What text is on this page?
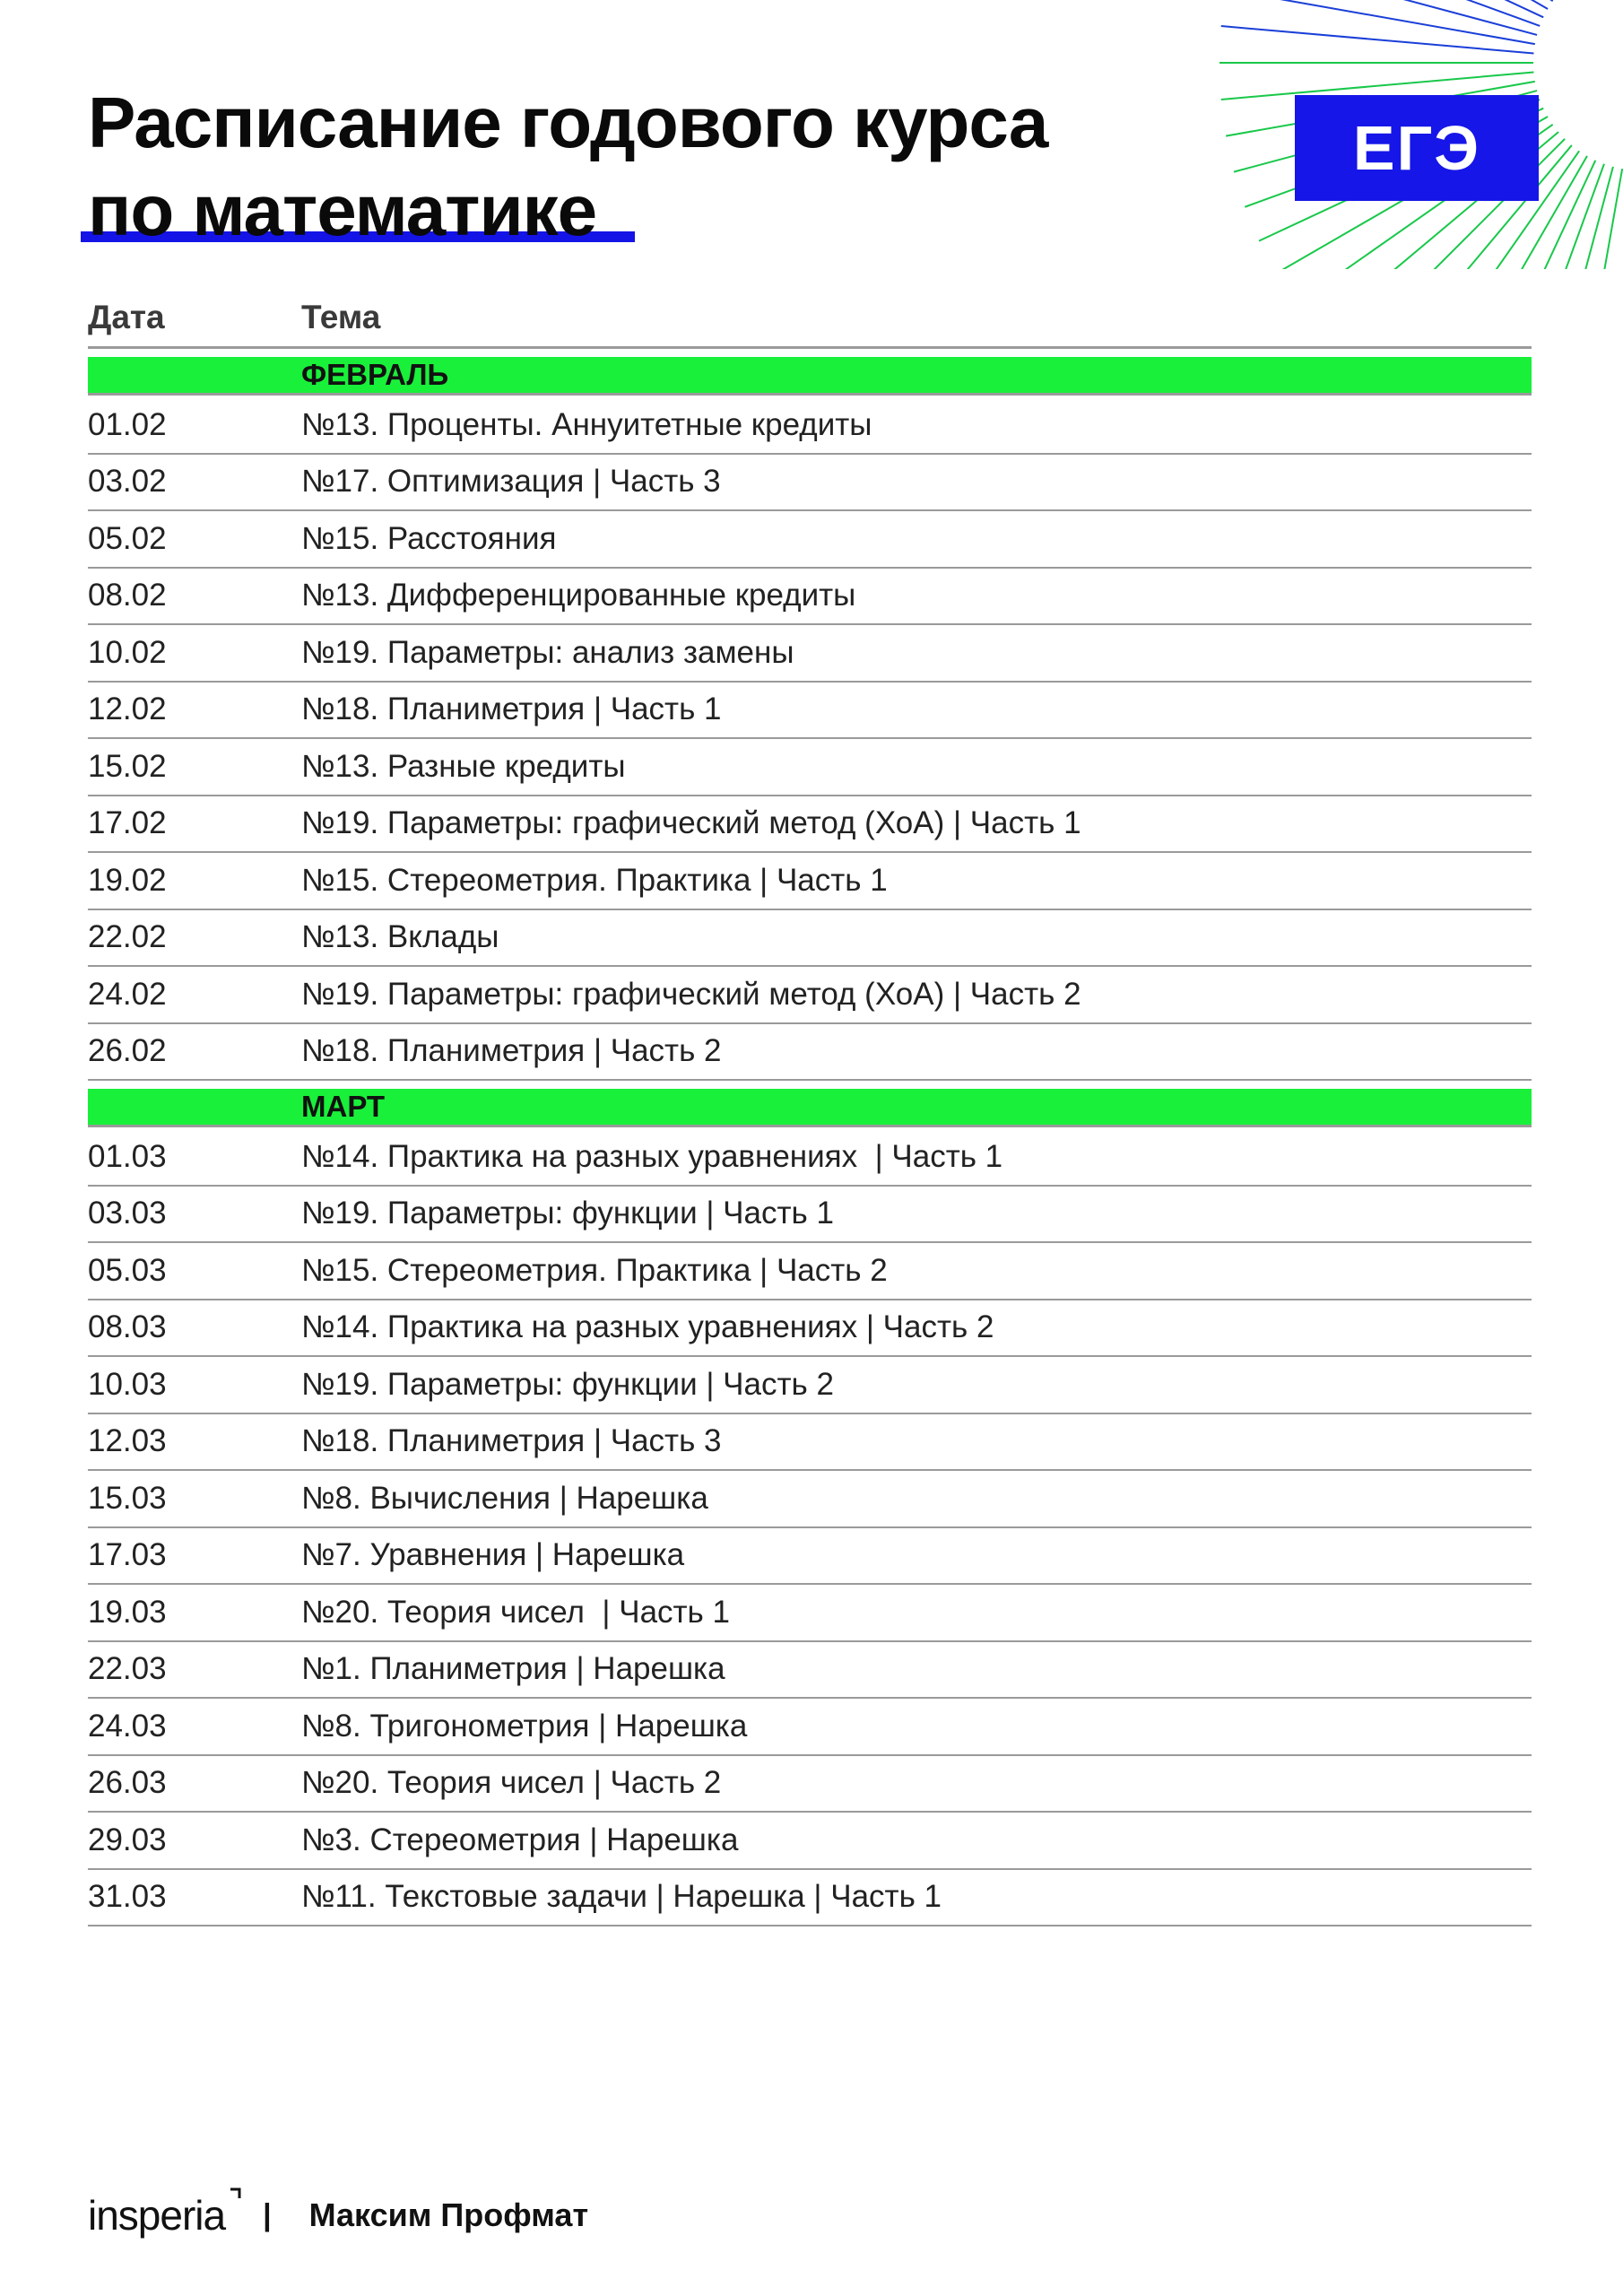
ЕГЭ
Расписание годового курса
по математике
Дата	Тема
ФЕВРАЛЬ
01.02	№13. Проценты. Аннуитетные кредиты
03.02	№17. Оптимизация | Часть 3
05.02	№15. Расстояния
08.02	№13. Дифференцированные кредиты
10.02	№19. Параметры: анализ замены
12.02	№18. Планиметрия | Часть 1
15.02	№13. Разные кредиты
17.02	№19. Параметры: графический метод (ХоА) | Часть 1
19.02	№15. Стереометрия. Практика | Часть 1
22.02	№13. Вклады
24.02	№19. Параметры: графический метод (ХоА) | Часть 2
26.02	№18. Планиметрия | Часть 2
МАРТ
01.03	№14. Практика на разных уравнениях  | Часть 1
03.03	№19. Параметры: функции | Часть 1
05.03	№15. Стереометрия. Практика | Часть 2
08.03	№14. Практика на разных уравнениях | Часть 2
10.03	№19. Параметры: функции | Часть 2
12.03	№18. Планиметрия | Часть 3
15.03	№8. Вычисления | Нарешка
17.03	№7. Уравнения | Нарешка
19.03	№20. Теория чисел  | Часть 1
22.03	№1. Планиметрия | Нарешка
24.03	№8. Тригонометрия | Нарешка
26.03	№20. Теория чисел | Часть 2
29.03	№3. Стереометрия | Нарешка
31.03	№11. Текстовые задачи | Нарешка | Часть 1
insperia | Максим Профмат
